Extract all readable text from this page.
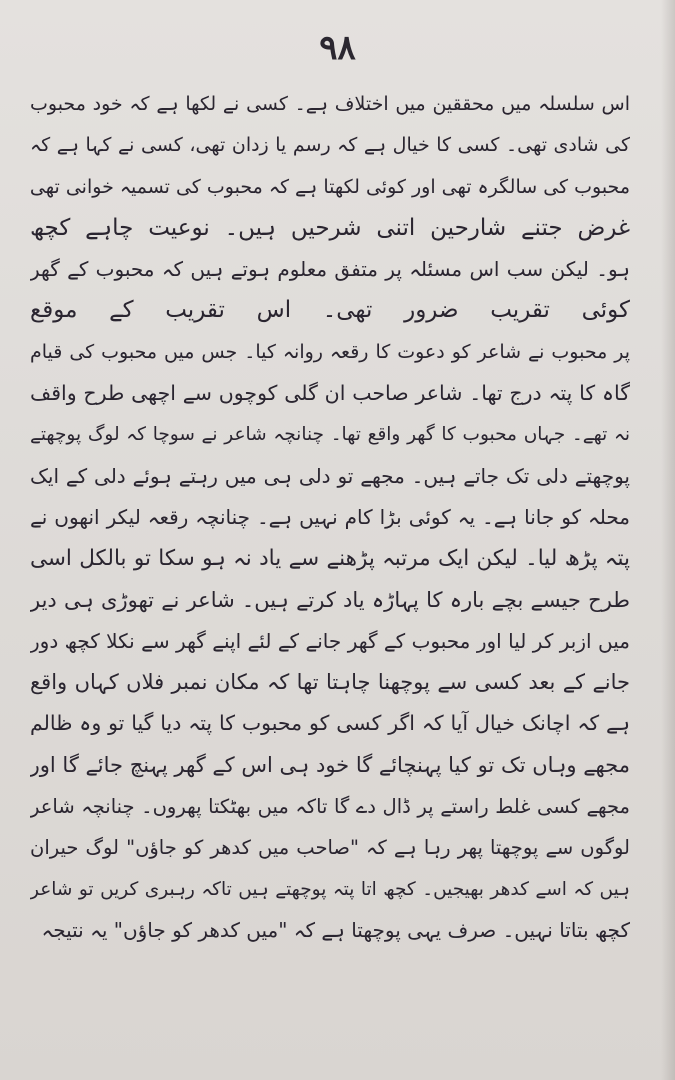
۹۸
اس سلسلہ میں محققین میں اختلاف ہے۔ کسی نے لکھا ہے کہ خود محبوب
کی شادی تھی۔ کسی کا خیال ہے کہ رسم یا زدان تھی، کسی نے کہا ہے کہ
محبوب کی سالگرہ تھی اور کوئی لکھتا ہے کہ محبوب کی تسمیہ خوانی تھی
غرض جتنے شارحین اتنی شرحیں ہیں۔ نوعیت چاہے کچھ
ہو۔ لیکن سب اس مسئلہ پر متفق معلوم ہوتے ہیں کہ محبوب کے گھر
کوئی تقریب ضرور تھی۔ اس تقریب کے موقع
پر محبوب نے شاعر کو دعوت کا رقعہ روانہ کیا۔ جس میں محبوب کی قیام
گاہ کا پتہ درج تھا۔ شاعر صاحب ان گلی کوچوں سے اچھی طرح واقف
نہ تھے۔ جہاں محبوب کا گھر واقع تھا۔ چنانچہ شاعر نے سوچا کہ لوگ پوچھتے
پوچھتے دلی تک جاتے ہیں۔ مجھے تو دلی ہی میں رہتے ہوئے دلی کے ایک
محلہ کو جانا ہے۔ یہ کوئی بڑا کام نہیں ہے۔ چنانچہ رقعہ لیکر انھوں نے
پتہ پڑھ لیا۔ لیکن ایک مرتبہ پڑھنے سے یاد نہ ہو سکا تو بالکل اسی
طرح جیسے بچے بارہ کا پہاڑہ یاد کرتے ہیں۔ شاعر نے تھوڑی ہی دیر
میں ازبر کر لیا اور محبوب کے گھر جانے کے لئے اپنے گھر سے نکلا کچھ دور
جانے کے بعد کسی سے پوچھنا چاہتا تھا کہ مکان نمبر فلاں کہاں واقع
ہے کہ اچانک خیال آیا کہ اگر کسی کو محبوب کا پتہ دیا گیا تو وہ ظالم
مجھے وہاں تک تو کیا پہنچائے گا خود ہی اس کے گھر پہنچ جائے گا اور
مجھے کسی غلط راستے پر ڈال دے گا تاکہ میں بھٹکتا پھروں۔ چنانچہ شاعر
لوگوں سے پوچھتا پھر رہا ہے کہ "صاحب میں کدھر کو جاؤں" لوگ حیران
ہیں کہ اسے کدھر بھیجیں۔ کچھ اتا پتہ پوچھتے ہیں تاکہ رہبری کریں تو شاعر
کچھ بتاتا نہیں۔ صرف یہی پوچھتا ہے کہ "میں کدھر کو جاؤں" یہ نتیجہ
